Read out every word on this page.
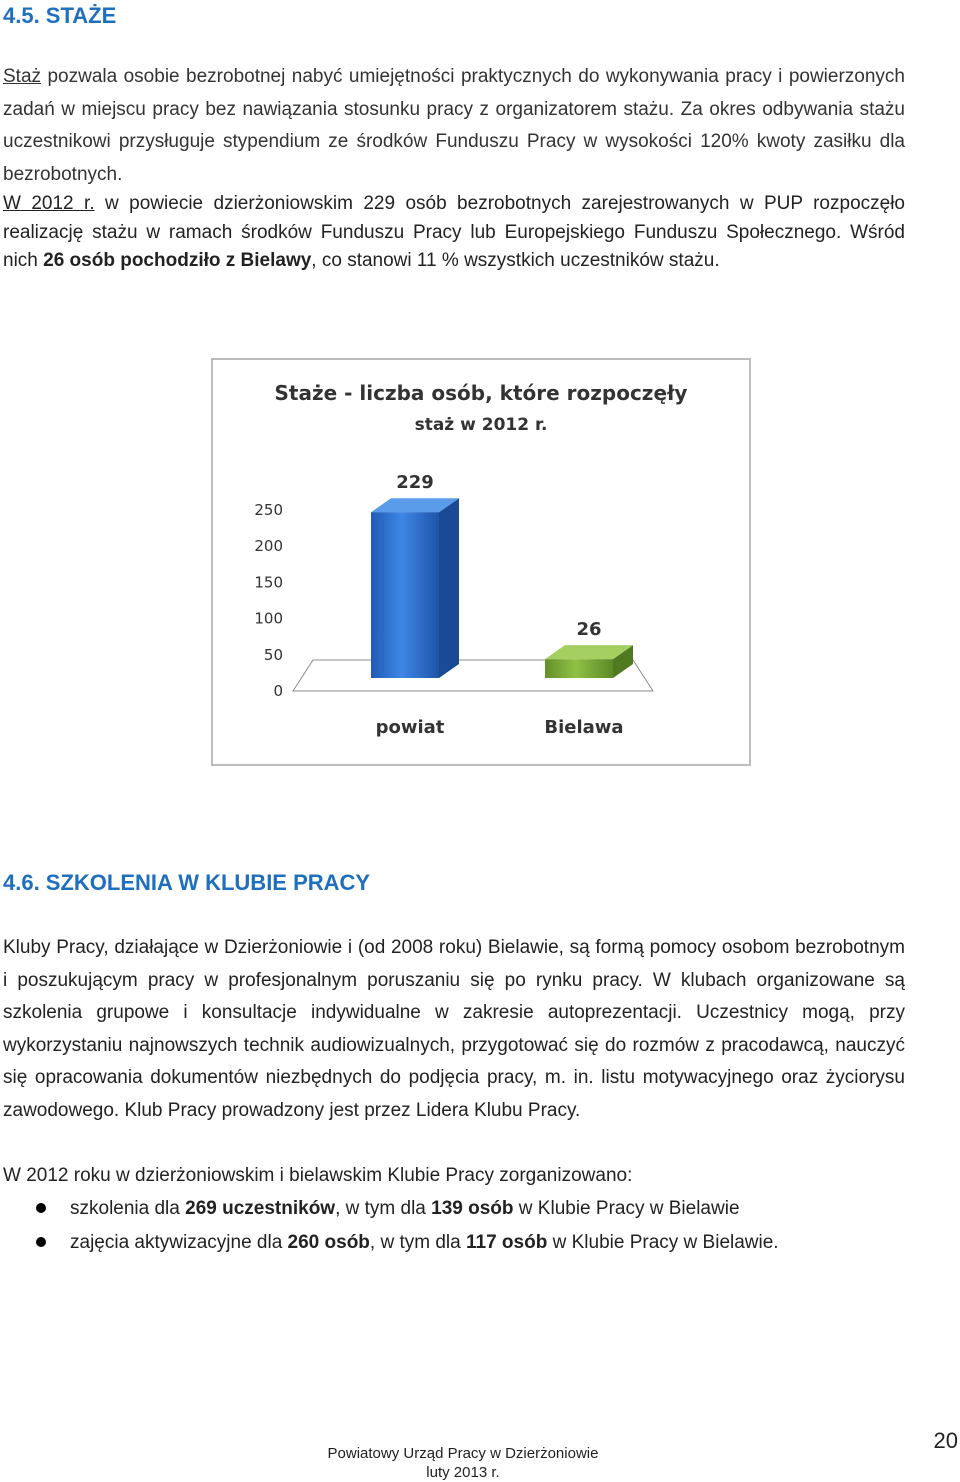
4.5. STAŻE

Staż pozwala osobie bezrobotnej nabyć umiejętności praktycznych do wykonywania pracy i powierzonych zadań w miejscu pracy bez nawiązania stosunku pracy z organizatorem stażu. Za okres odbywania stażu uczestnikowi przysługuje stypendium ze środków Funduszu Pracy w wysokości 120% kwoty zasiłku dla bezrobotnych.

W 2012 r. w powiecie dzierżoniowskim 229 osób bezrobotnych zarejestrowanych w PUP rozpoczęło realizację stażu w ramach środków Funduszu Pracy lub Europejskiego Funduszu Społecznego. Wśród nich 26 osób pochodziło z Bielawy, co stanowi 11 % wszystkich uczestników stażu.

Staże - liczba osób, które rozpoczęły
staż w 2012 r.
0
50
100
150
200
250
229
26
powiat	Bielawa
4.6. SZKOLENIA W KLUBIE PRACY

Kluby Pracy, działające w Dzierżoniowie i (od 2008 roku) Bielawie, są formą pomocy osobom bezrobotnym i poszukującym pracy w profesjonalnym poruszaniu się po rynku pracy. W klubach organizowane są szkolenia grupowe i konsultacje indywidualne w zakresie autoprezentacji. Uczestnicy mogą, przy wykorzystaniu najnowszych technik audiowizualnych, przygotować się do rozmów z pracodawcą, nauczyć się opracowania dokumentów niezbędnych do podjęcia pracy, m. in. listu motywacyjnego oraz życiorysu zawodowego. Klub Pracy prowadzony jest przez Lidera Klubu Pracy.

W 2012 roku w dzierżoniowskim i bielawskim Klubie Pracy zorganizowano:

szkolenia dla 269 uczestników, w tym dla 139 osób w Klubie Pracy w Bielawie
zajęcia aktywizacyjne dla 260 osób, w tym dla 117 osób w Klubie Pracy w Bielawie.
20
Powiatowy Urząd Pracy w Dzierżoniowie
luty 2013 r.
